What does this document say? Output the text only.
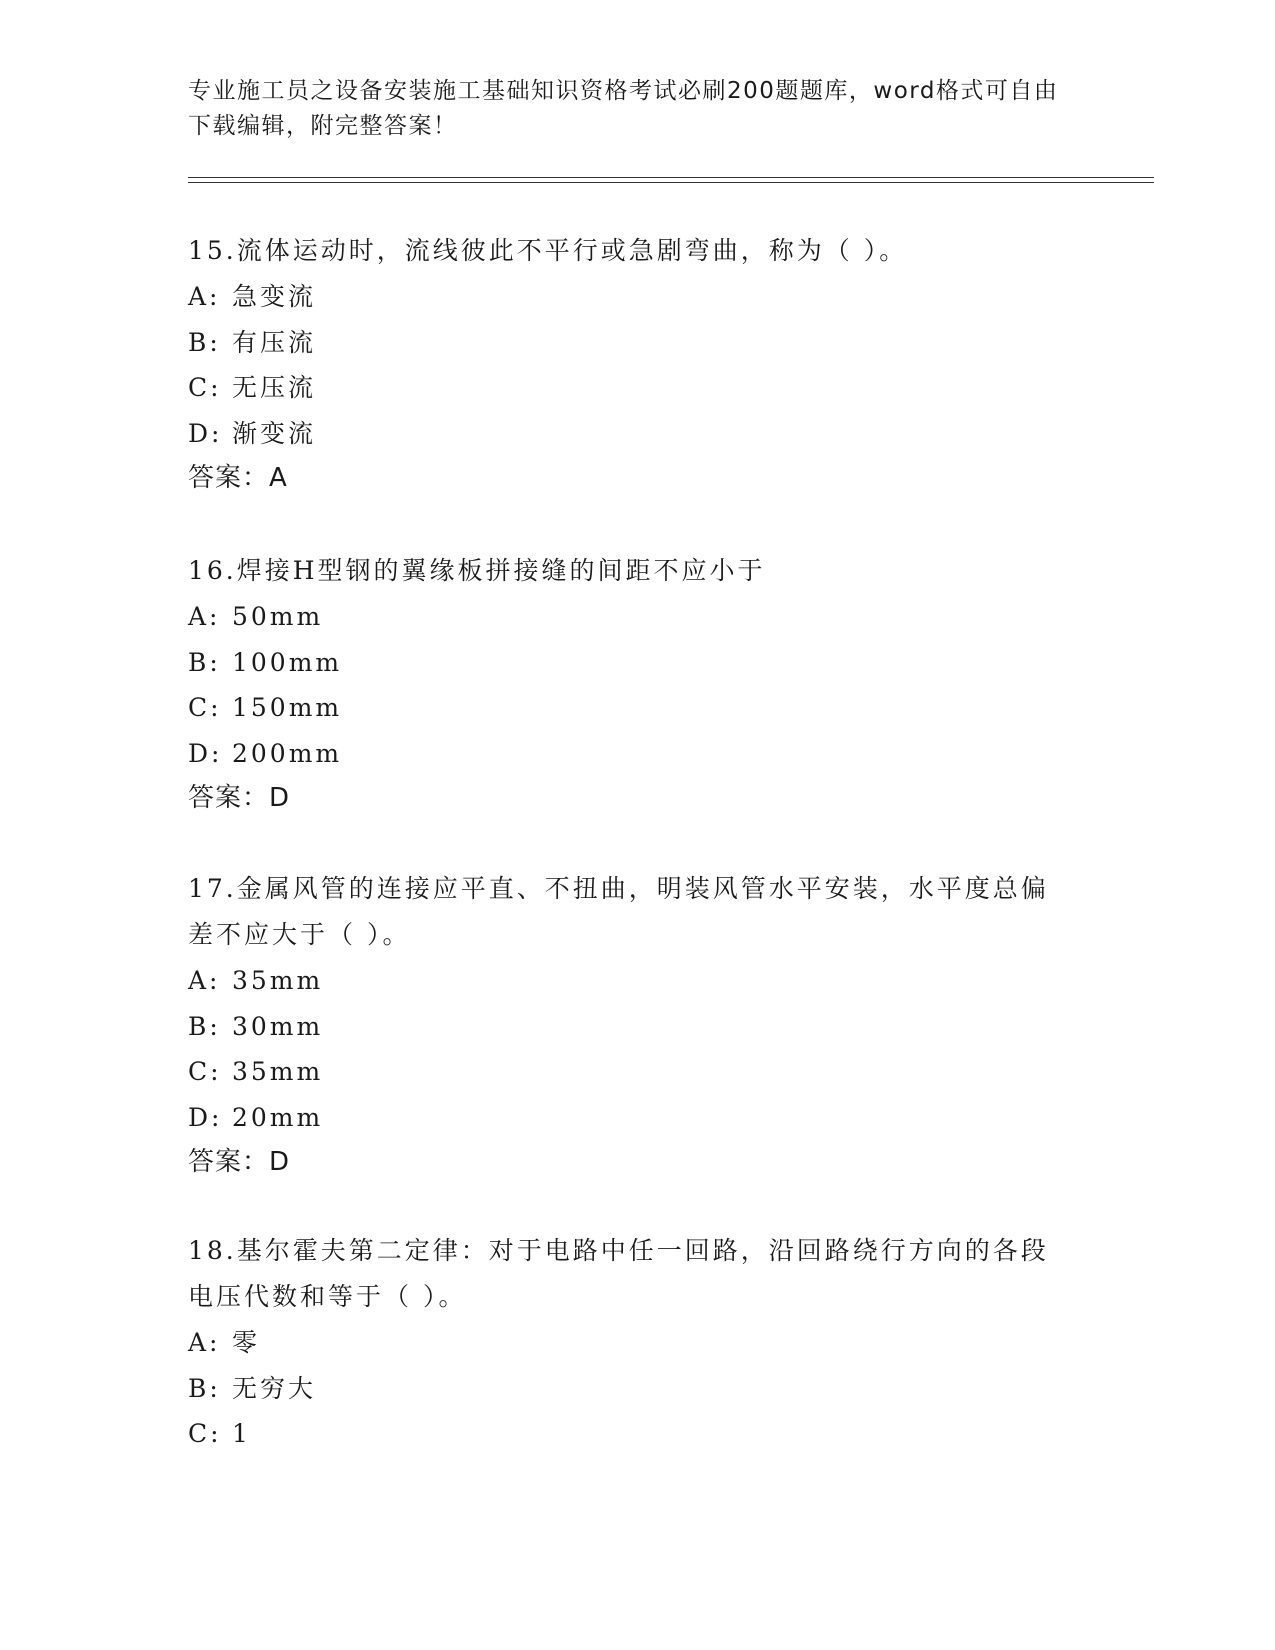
专业施工员之设备安装施工基础知识资格考试必刷200题题库，word格式可自由
下载编辑，附完整答案！
15.流体运动时，流线彼此不平行或急剧弯曲，称为（ ）。
A: 急变流
B: 有压流
C: 无压流
D: 渐变流
答案：A
16.焊接H型钢的翼缘板拼接缝的间距不应小于
A: 50mm
B: 100mm
C: 150mm
D: 200mm
答案：D
17.金属风管的连接应平直、不扭曲，明装风管水平安装，水平度总偏
差不应大于（ ）。
A: 35mm
B: 30mm
C: 35mm
D: 20mm
答案：D
18.基尔霍夫第二定律：对于电路中任一回路，沿回路绕行方向的各段
电压代数和等于（ ）。
A: 零
B: 无穷大
C: 1
